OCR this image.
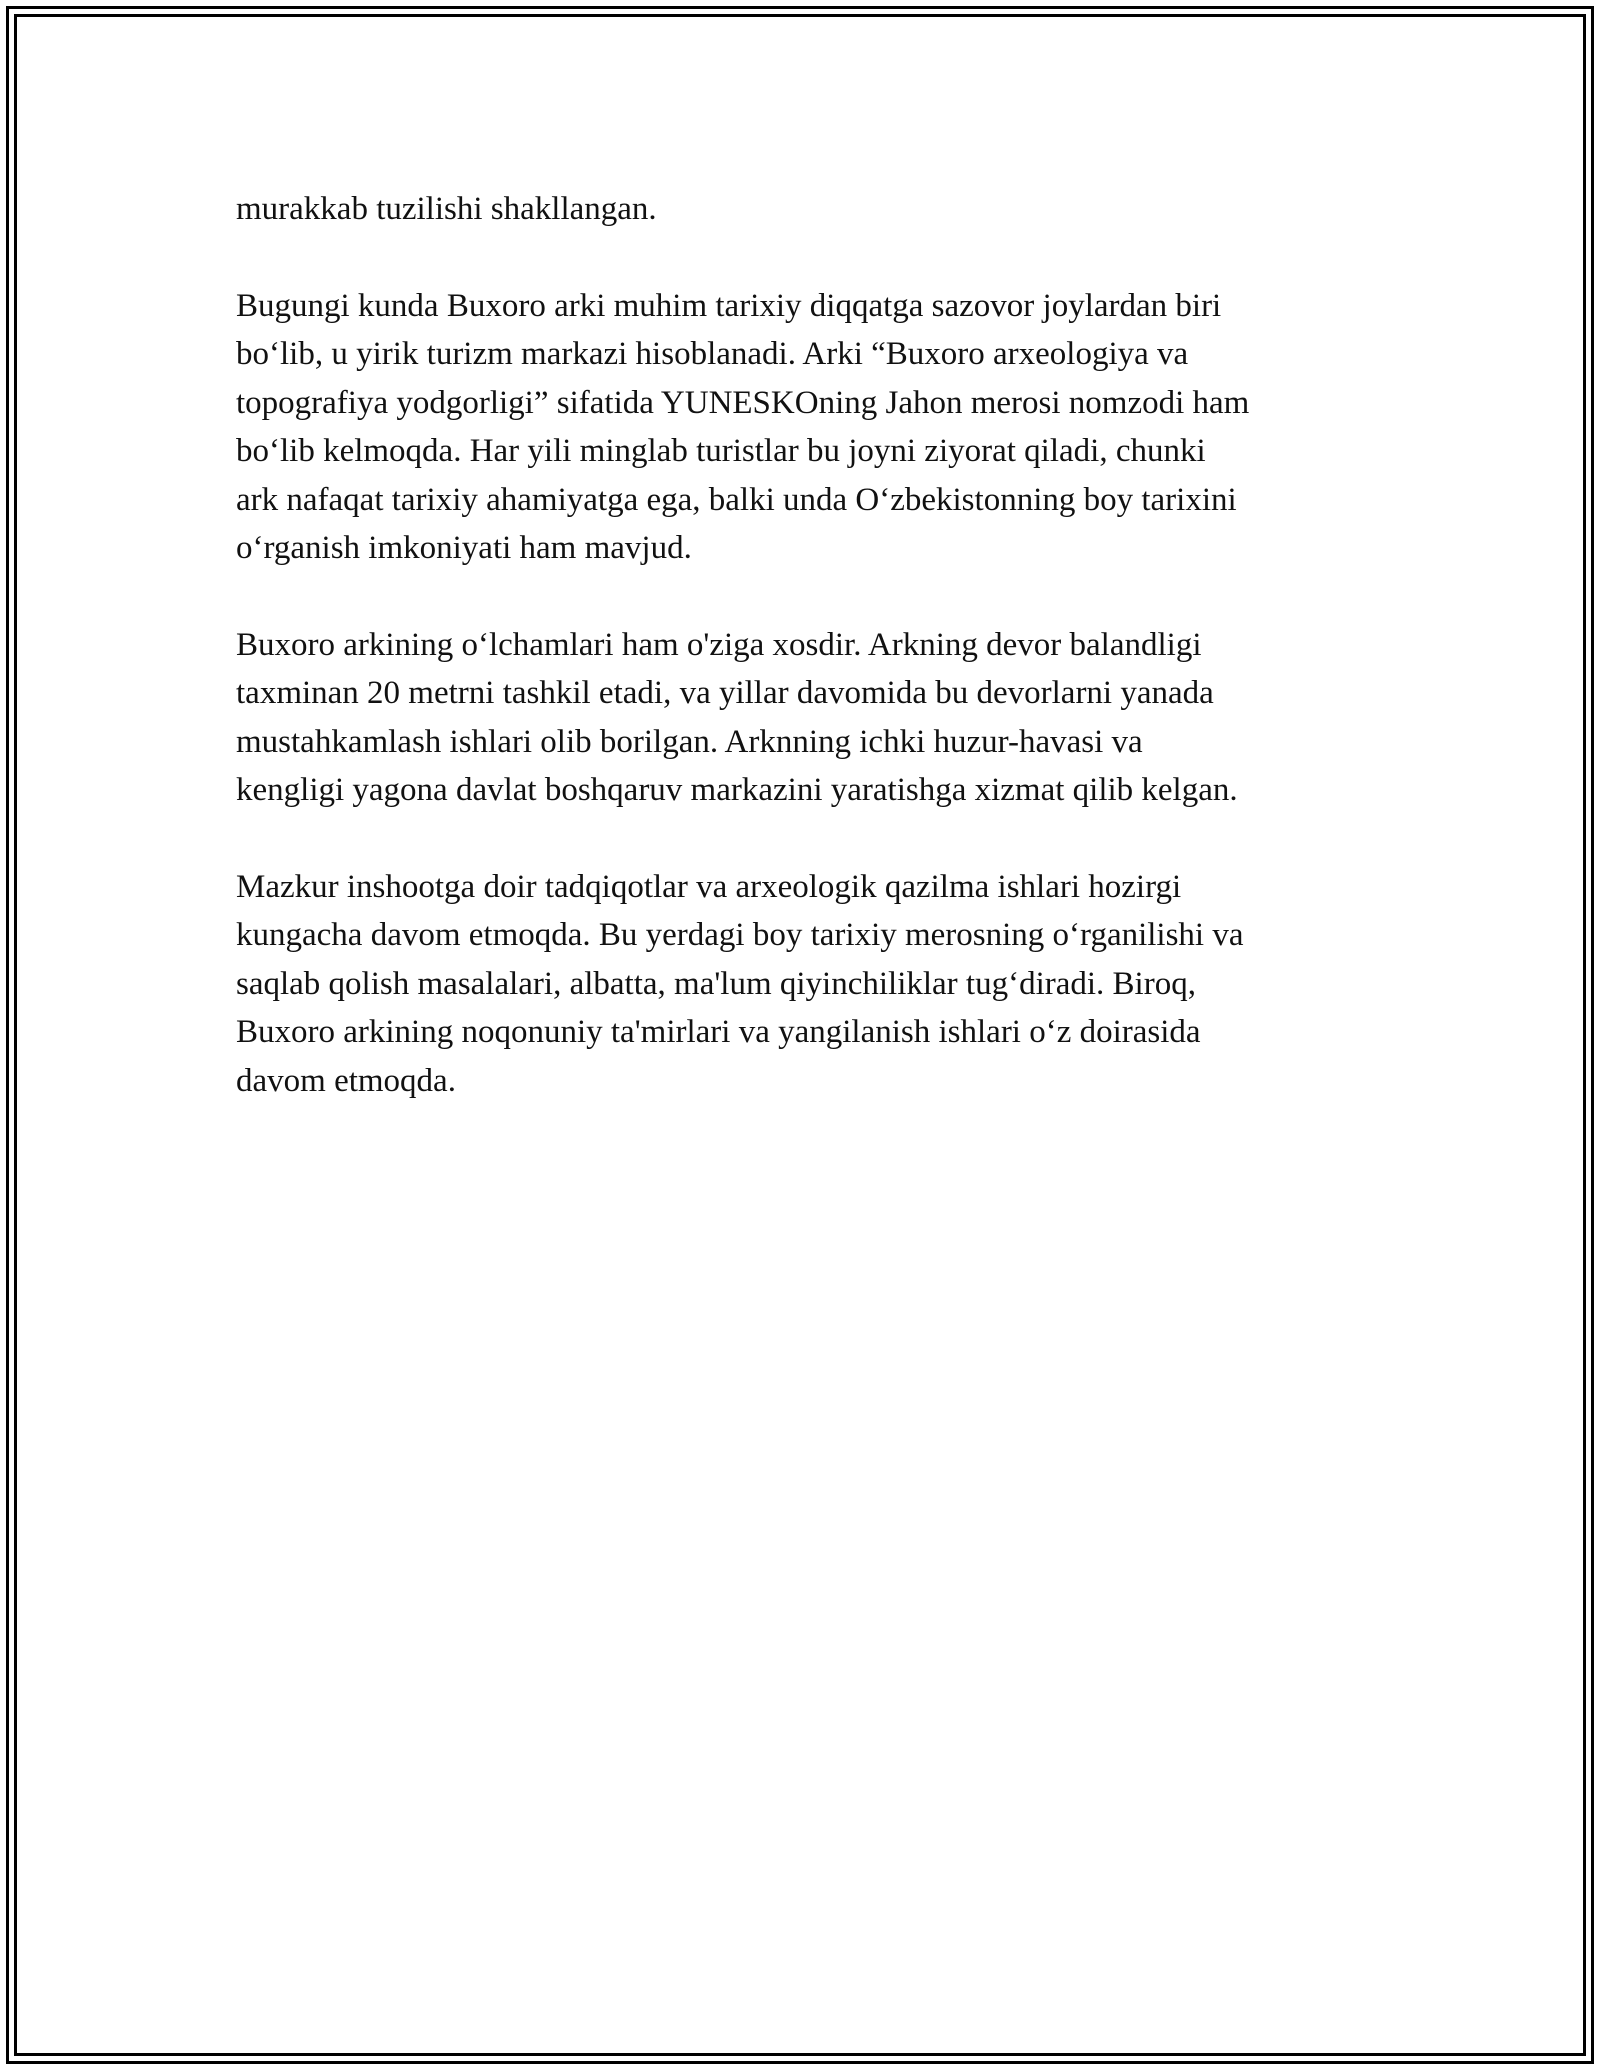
murakkab tuzilishi shakllangan.

Bugungi kunda Buxoro arki muhim tarixiy diqqatga sazovor joylardan biri
bo‘lib, u yirik turizm markazi hisoblanadi. Arki “Buxoro arxeologiya va
topografiya yodgorligi” sifatida YUNESKOning Jahon merosi nomzodi ham
bo‘lib kelmoqda. Har yili minglab turistlar bu joyni ziyorat qiladi, chunki
ark nafaqat tarixiy ahamiyatga ega, balki unda O‘zbekistonning boy tarixini
o‘rganish imkoniyati ham mavjud.

Buxoro arkining o‘lchamlari ham o'ziga xosdir. Arkning devor balandligi
taxminan 20 metrni tashkil etadi, va yillar davomida bu devorlarni yanada
mustahkamlash ishlari olib borilgan. Arknning ichki huzur-havasi va
kengligi yagona davlat boshqaruv markazini yaratishga xizmat qilib kelgan.

Mazkur inshootga doir tadqiqotlar va arxeologik qazilma ishlari hozirgi
kungacha davom etmoqda. Bu yerdagi boy tarixiy merosning o‘rganilishi va
saqlab qolish masalalari, albatta, ma'lum qiyinchiliklar tug‘diradi. Biroq,
Buxoro arkining noqonuniy ta'mirlari va yangilanish ishlari o‘z doirasida
davom etmoqda.
